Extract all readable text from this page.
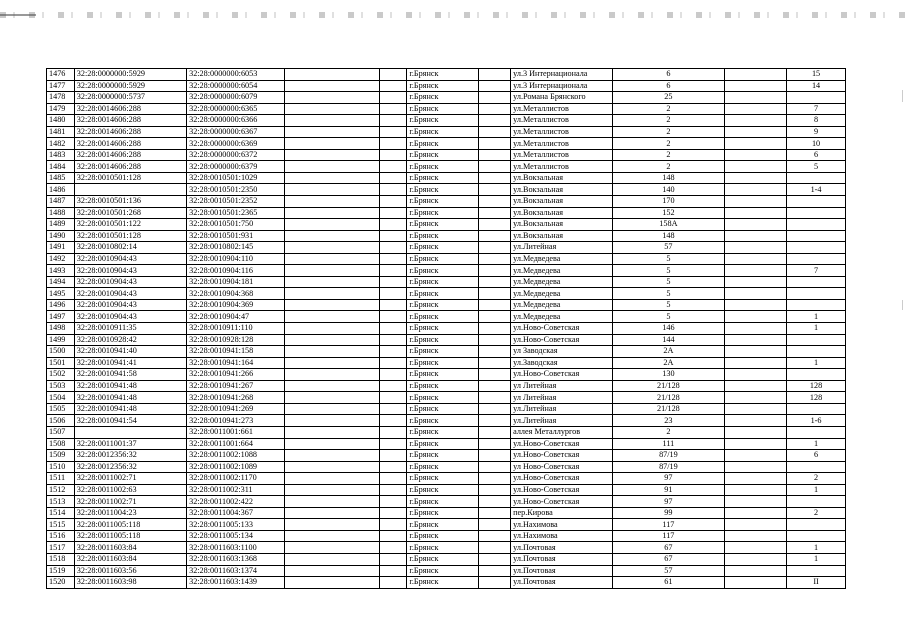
1476	32:28:0000000:5929	32:28:0000000:6053			г.Брянск		ул.3 Интернационала	6		15
1477	32:28:0000000:5929	32:28:0000000:6054			г.Брянск		ул.3 Интернационала	6		14
1478	32:28:0000000:5737	32:28:0000000:6079			г.Брянск		ул.Романа Брянского	25		
1479	32:28:0014606:288	32:28:0000000:6365			г.Брянск		ул.Металлистов	2		7
1480	32:28:0014606:288	32:28:0000000:6366			г.Брянск		ул.Металлистов	2		8
1481	32:28:0014606:288	32:28:0000000:6367			г.Брянск		ул.Металлистов	2		9
1482	32:28:0014606:288	32:28:0000000:6369			г.Брянск		ул.Металлистов	2		10
1483	32:28:0014606:288	32:28:0000000:6372			г.Брянск		ул.Металлистов	2		6
1484	32:28:0014606:288	32:28:0000000:6379			г.Брянск		ул.Металлистов	2		5
1485	32:28:0010501:128	32:28:0010501:1029			г.Брянск		ул.Вокзальная	148		
1486		32:28:0010501:2350			г.Брянск		ул.Вокзальная	140		1-4
1487	32:28:0010501:136	32:28:0010501:2352			г.Брянск		ул.Вокзальная	170		
1488	32:28:0010501:268	32:28:0010501:2365			г.Брянск		ул.Вокзальная	152		
1489	32:28:0010501:122	32:28:0010501:750			г.Брянск		ул.Вокзальная	158А		
1490	32:28:0010501:128	32:28:0010501:931			г.Брянск		ул.Вокзальная	148		
1491	32:28:0010802:14	32:28:0010802:145			г.Брянск		ул.Литейная	57		
1492	32:28:0010904:43	32:28:0010904:110			г.Брянск		ул.Медведева	5		
1493	32:28:0010904:43	32:28:0010904:116			г.Брянск		ул.Медведева	5		7
1494	32:28:0010904:43	32:28:0010904:181			г.Брянск		ул.Медведева	5		
1495	32:28:0010904:43	32:28:0010904:368			г.Брянск		ул.Медведева	5		
1496	32:28:0010904:43	32:28:0010904:369			г.Брянск		ул.Медведева	5		
1497	32:28:0010904:43	32:28:0010904:47			г.Брянск		ул.Медведева	5		1
1498	32:28:0010911:35	32:28:0010911:110			г.Брянск		ул.Ново-Советская	146		1
1499	32:28:0010928:42	32:28:0010928:128			г.Брянск		ул.Ново-Советская	144		
1500	32:28:0010941:40	32:28:0010941:158			г.Брянск		ул Заводская	2А		
1501	32:28:0010941:41	32:28:0010941:164			г.Брянск		ул.Заводская	2А		1
1502	32:28:0010941:58	32:28:0010941:266			г.Брянск		ул.Ново-Советская	130		
1503	32:28:0010941:48	32:28:0010941:267			г.Брянск		ул Литейная	21/128		128
1504	32:28:0010941:48	32:28:0010941:268			г.Брянск		ул Литейная	21/128		128
1505	32:28:0010941:48	32:28:0010941:269			г.Брянск		ул.Литейная	21/128		
1506	32:28:0010941:54	32:28:0010941:273			г.Брянск		ул.Литейная	23		1-6
1507		32:28:0011001:661			г.Брянск		аллея Металлургов	2		
1508	32:28:0011001:37	32:28:0011001:664			г.Брянск		ул.Ново-Советская	111		1
1509	32:28:0012356:32	32:28:0011002:1088			г.Брянск		ул.Ново-Советская	87/19		6
1510	32:28:0012356:32	32:28:0011002:1089			г.Брянск		ул Ново-Советская	87/19		
1511	32:28:0011002:71	32:28:0011002:1170			г.Брянск		ул.Ново-Советская	97		2
1512	32:28:0011002:63	32:28:0011002:311			г.Брянск		ул.Ново-Советская	91		1
1513	32:28:0011002:71	32:28:0011002:422			г.Брянск		ул.Ново-Советская	97		
1514	32:28:0011004:23	32:28:0011004:367			г.Брянск		пер.Кирова	99		2
1515	32:28:0011005:118	32:28:0011005:133			г.Брянск		ул.Нахимова	117		
1516	32:28:0011005:118	32:28:0011005:134			г.Брянск		ул.Нахимова	117		
1517	32:28:0011603:84	32:28:0011603:1100			г.Брянск		ул.Почтовая	67		1
1518	32:28:0011603:84	32:28:0011603:1368			г.Брянск		ул.Почтовая	67		1
1519	32:28:0011603:56	32:28:0011603:1374			г.Брянск		ул.Почтовая	57		
1520	32:28:0011603:98	32:28:0011603:1439			г.Брянск		ул.Почтовая	61		II
